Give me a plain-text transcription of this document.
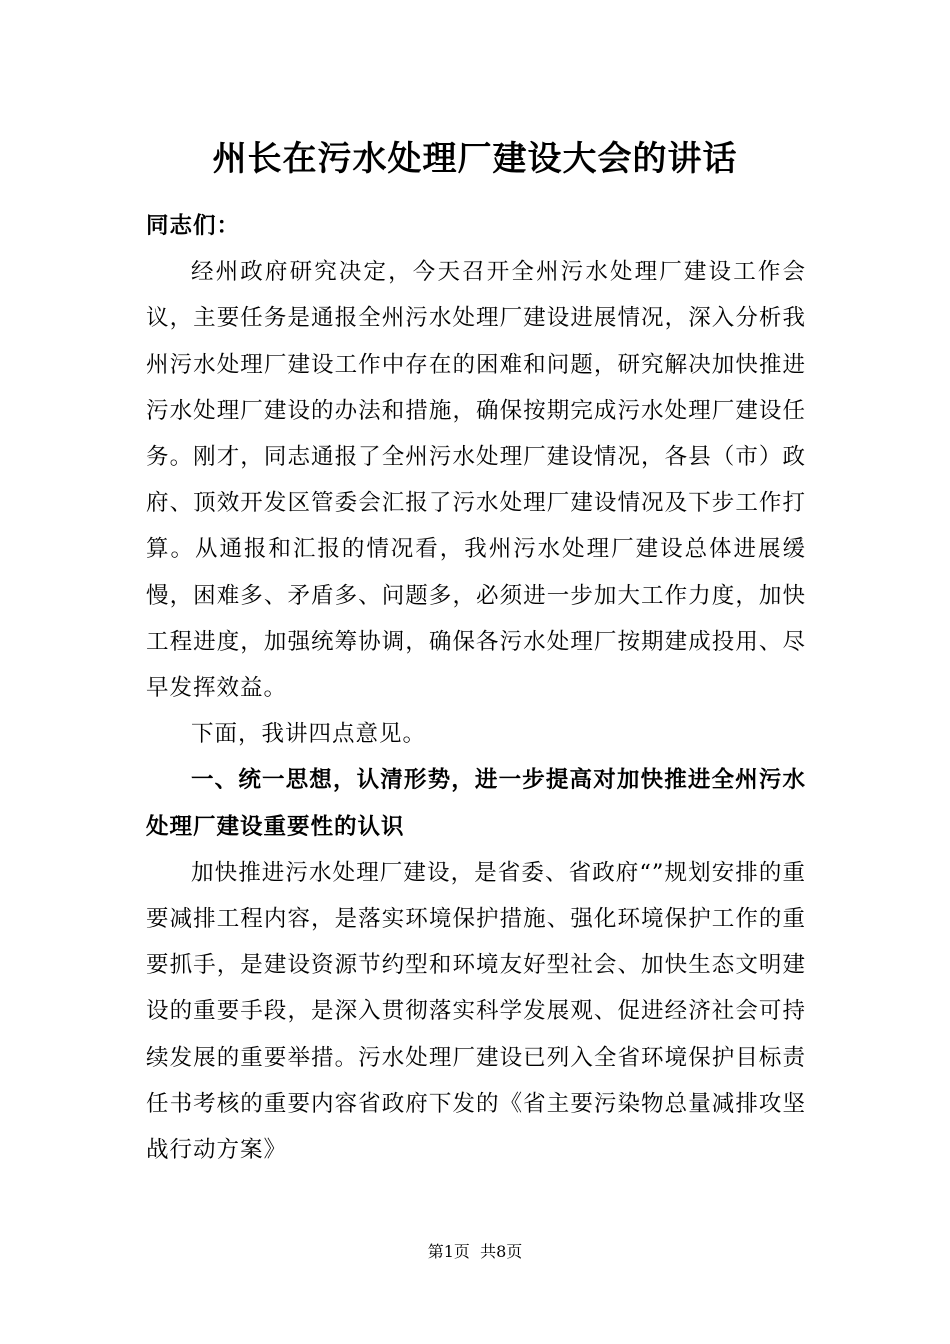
州长在污水处理厂建设大会的讲话

同志们：

经州政府研究决定，今天召开全州污水处理厂建设工作会议，主要任务是通报全州污水处理厂建设进展情况，深入分析我州污水处理厂建设工作中存在的困难和问题，研究解决加快推进污水处理厂建设的办法和措施，确保按期完成污水处理厂建设任务。刚才，同志通报了全州污水处理厂建设情况，各县（市）政府、顶效开发区管委会汇报了污水处理厂建设情况及下步工作打算。从通报和汇报的情况看，我州污水处理厂建设总体进展缓慢，困难多、矛盾多、问题多，必须进一步加大工作力度，加快工程进度，加强统筹协调，确保各污水处理厂按期建成投用、尽早发挥效益。

下面，我讲四点意见。

一、统一思想，认清形势，进一步提高对加快推进全州污水处理厂建设重要性的认识

加快推进污水处理厂建设，是省委、省政府“”规划安排的重要减排工程内容，是落实环境保护措施、强化环境保护工作的重要抓手，是建设资源节约型和环境友好型社会、加快生态文明建设的重要手段，是深入贯彻落实科学发展观、促进经济社会可持续发展的重要举措。污水处理厂建设已列入全省环境保护目标责任书考核的重要内容省政府下发的《省主要污染物总量减排攻坚战行动方案》

第1页  共8页
